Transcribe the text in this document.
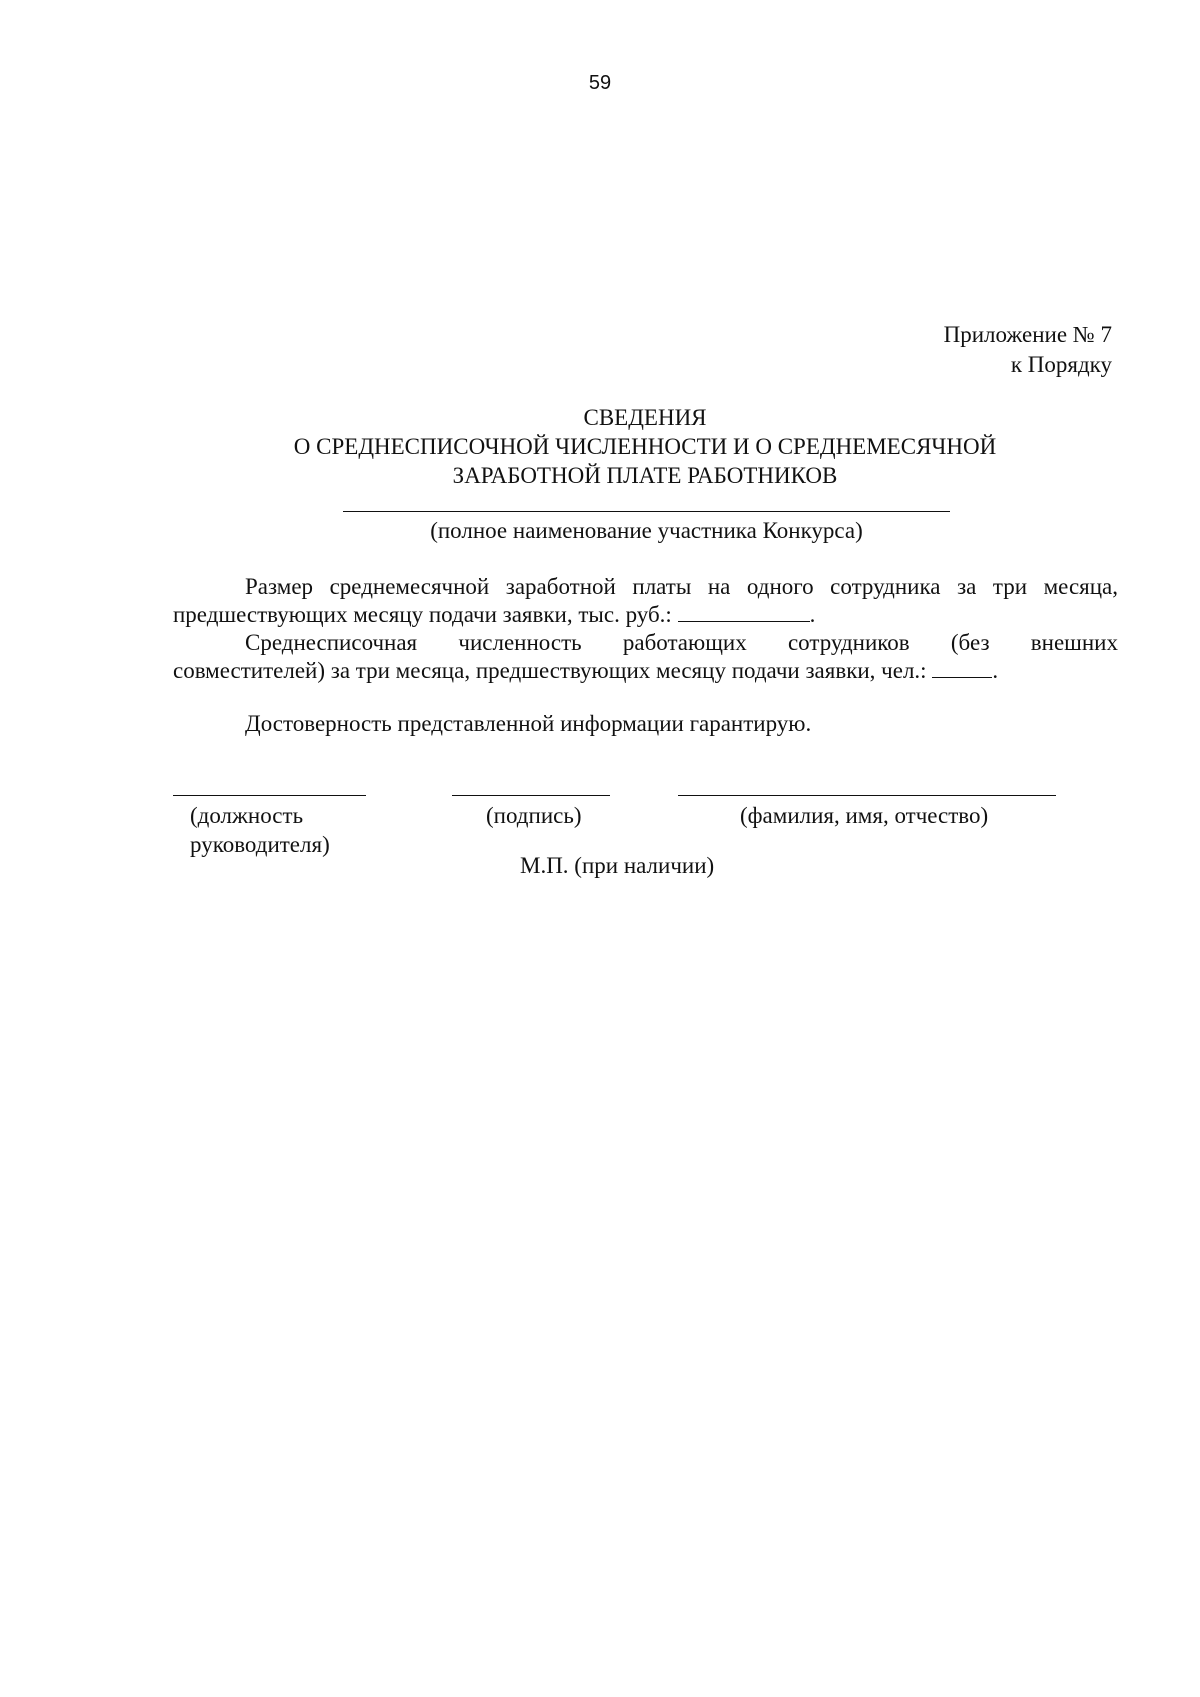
59
Приложение № 7
к Порядку
СВЕДЕНИЯ
О СРЕДНЕСПИСОЧНОЙ ЧИСЛЕННОСТИ И О СРЕДНЕМЕСЯЧНОЙ
ЗАРАБОТНОЙ ПЛАТЕ РАБОТНИКОВ
(полное наименование участника Конкурса)
Размер среднемесячной заработной платы на одного сотрудника за три месяца,
предшествующих месяцу подачи заявки, тыс. руб.:	.
Среднесписочная численность работающих сотрудников (без внешних
совместителей) за три месяца, предшествующих месяцу подачи заявки, чел.:	.
Достоверность представленной информации гарантирую.
(должность
руководителя)
(подпись)	(фамилия, имя, отчество)
М.П. (при наличии)
